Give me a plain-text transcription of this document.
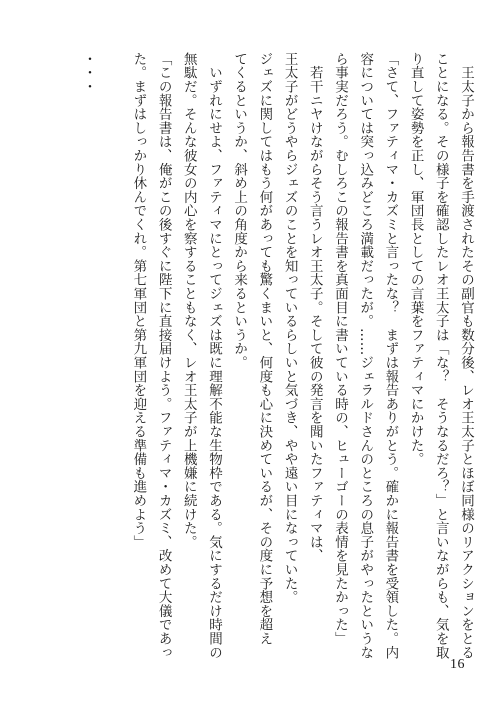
　王太子から報告書を手渡されたその副官も数分後、レオ王太子とほぼ同様のリアクションをとる
ことになる。その様子を確認したレオ王太子は「な？　そうなるだろ？」と言いながらも、気を取
り直して姿勢を正し、軍団長としての言葉をファティマにかけた。
「さて、ファティマ・カズミと言ったな？　まずは報告ありがとう。確かに報告書を受領した。内
容については突っ込みどころ満載だったが。……ジェラルドさんのところの息子がやったというな
ら事実だろう。むしろこの報告書を真面目に書いている時の、ヒューゴーの表情を見たかった」
　若干ニヤけながらそう言うレオ王太子。そして彼の発言を聞いたファティマは、
王太子がどうやらジェズのことを知っているらしいと気づき、やや遠い目になっていた。
ジェズに関してはもう何があっても驚くまいと、何度も心に決めているが、その度に予想を超え
てくるというか、斜め上の角度から来るというか。
　いずれにせよ、ファティマにとってジェズは既に理解不能な生物枠である。気にするだけ時間の
無駄だ。そんな彼女の内心を察することもなく、レオ王太子が上機嫌に続けた。
「この報告書は、俺がこの後すぐに陛下に直接届けよう。ファティマ・カズミ、改めて大儀であっ
た。まずはしっかり休んでくれ。第七軍団と第九軍団を迎える準備も進めよう」
・・・
16
